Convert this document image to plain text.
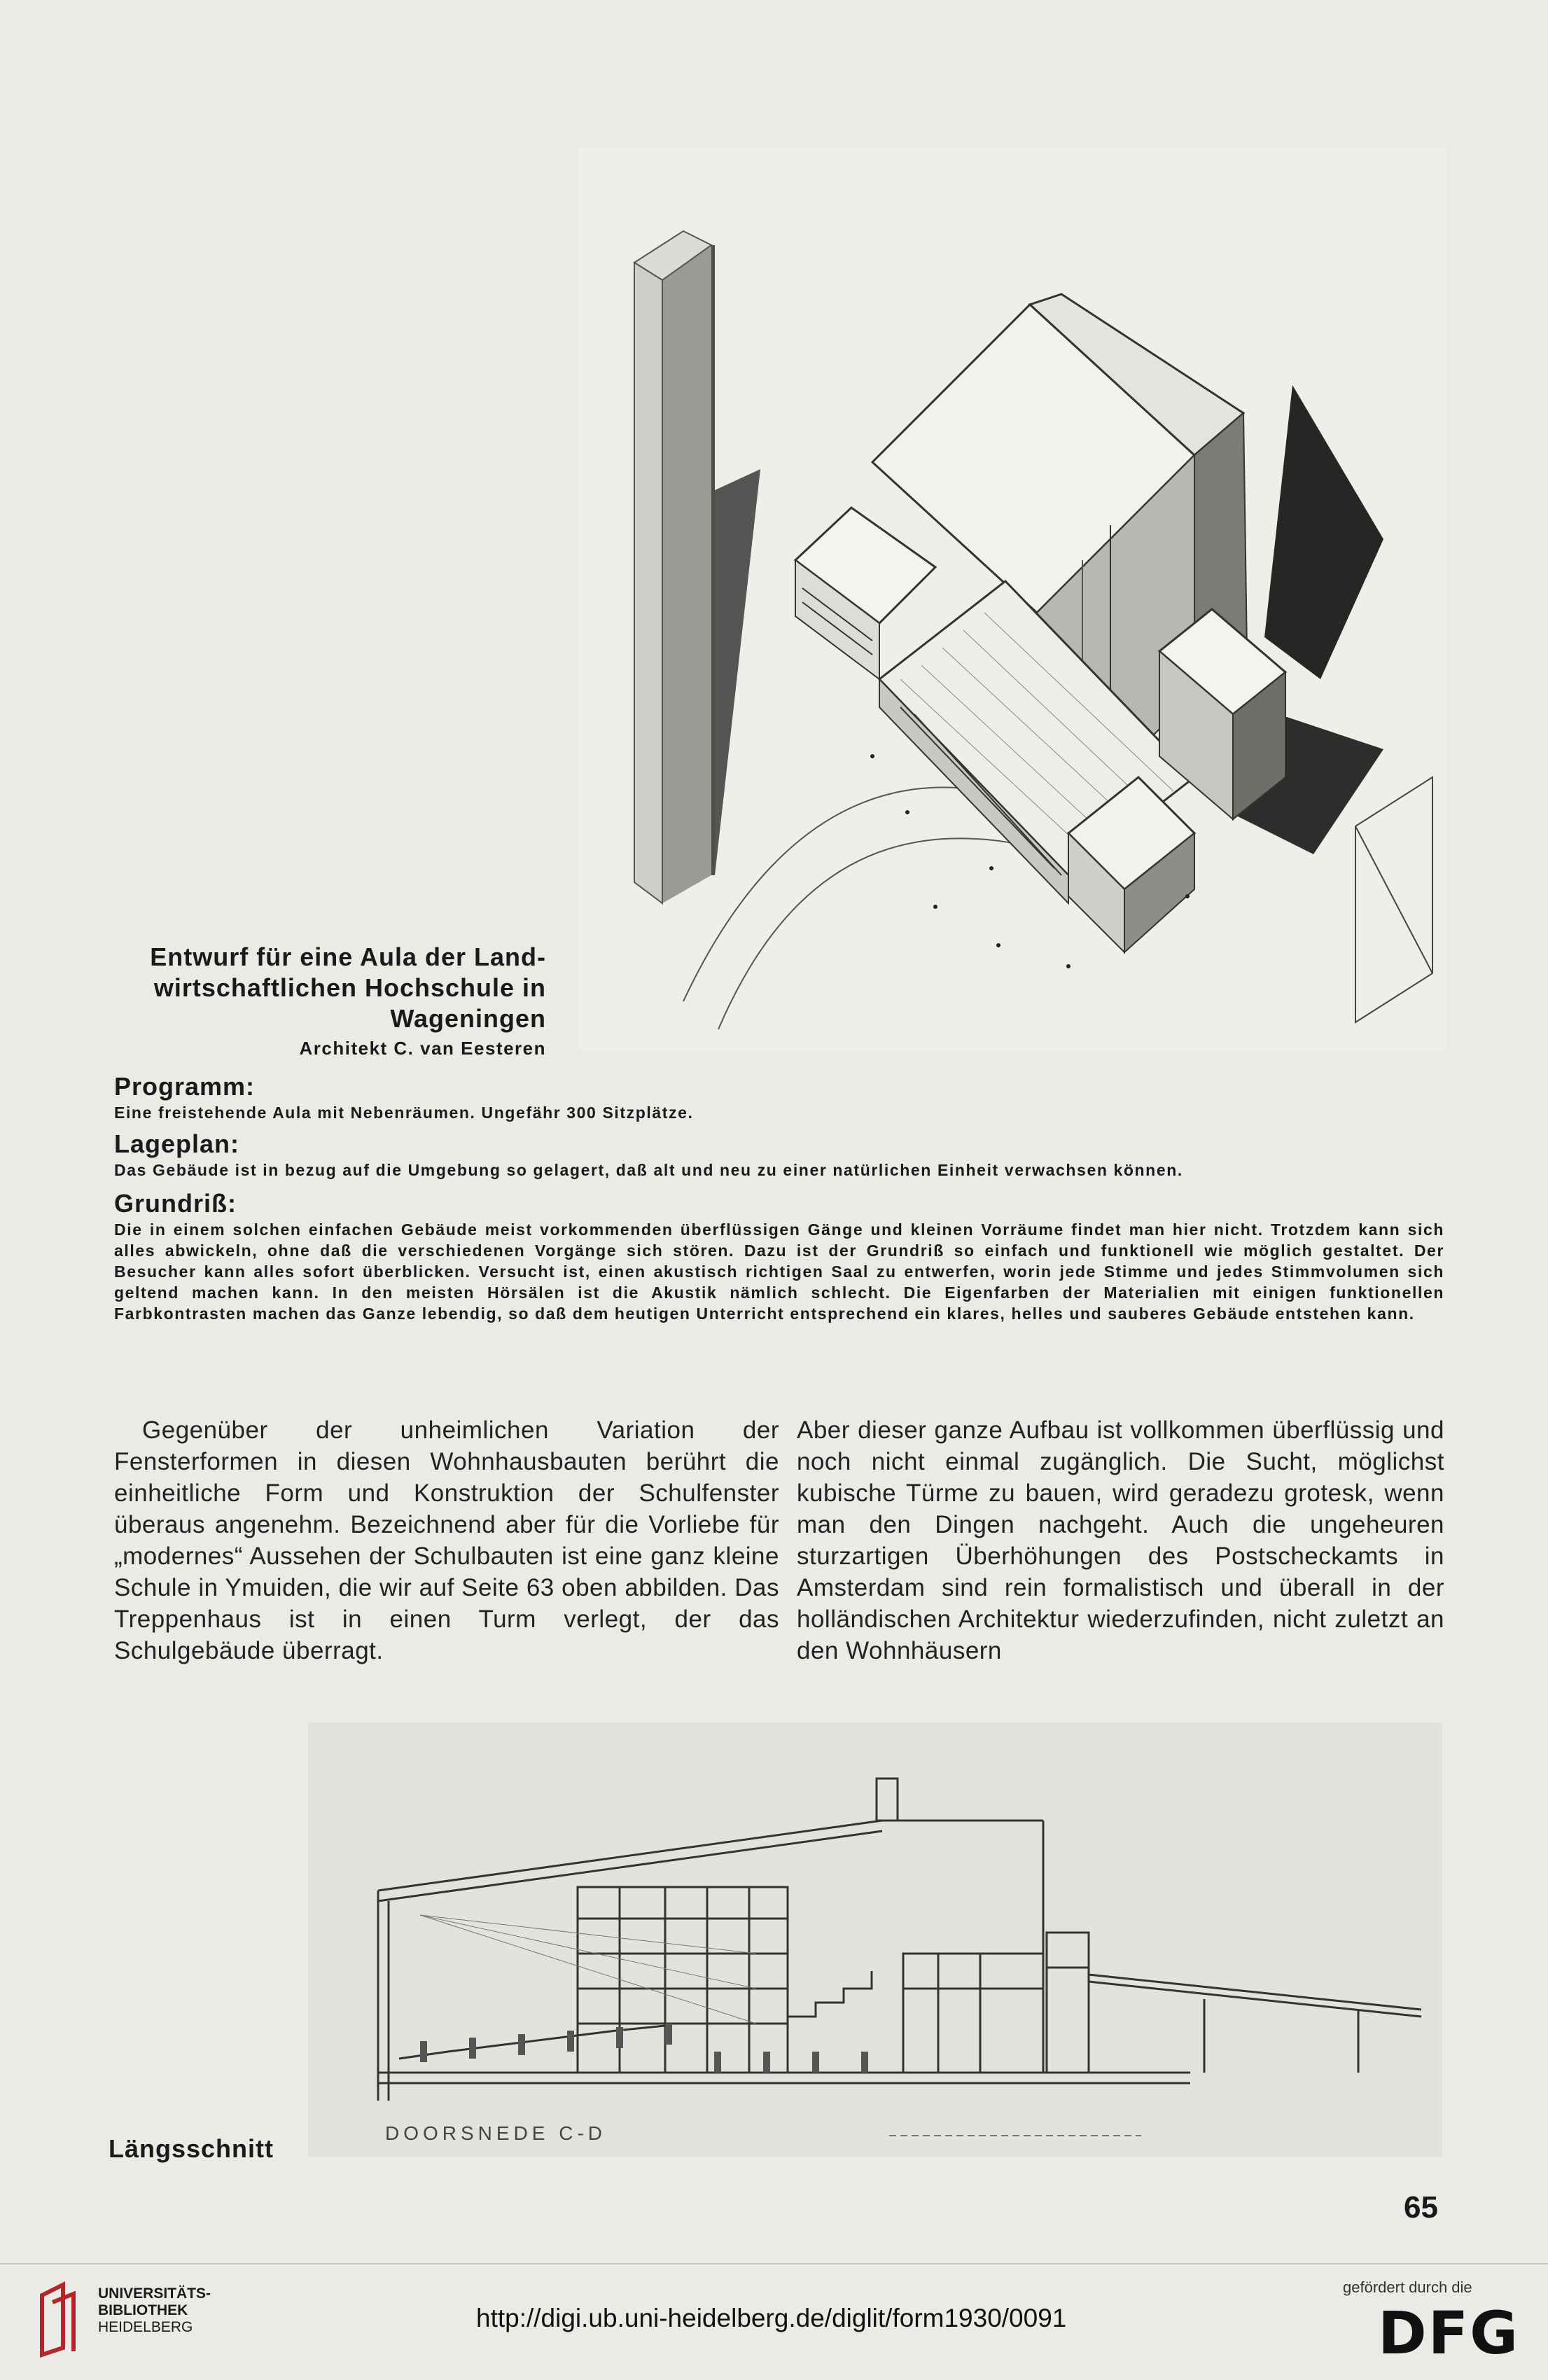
Entwurf für eine Aula der Land-
wirtschaftlichen Hochschule in
Wageningen
Architekt C. van Eesteren
Programm:

Eine freistehende Aula mit Nebenräumen. Ungefähr 300 Sitzplätze.

Lageplan:

Das Gebäude ist in bezug auf die Umgebung so gelagert, daß alt und neu zu einer natürlichen Einheit verwachsen können.

Grundriß:

Die in einem solchen einfachen Gebäude meist vorkommenden überflüssigen Gänge und kleinen Vorräume findet man hier nicht. Trotzdem kann sich alles abwickeln, ohne daß die verschiedenen Vorgänge sich stören. Dazu ist der Grundriß so einfach und funktionell wie möglich gestaltet. Der Besucher kann alles sofort überblicken. Versucht ist, einen akustisch richtigen Saal zu entwerfen, worin jede Stimme und jedes Stimmvolumen sich geltend machen kann. In den meisten Hörsälen ist die Akustik nämlich schlecht. Die Eigenfarben der Materialien mit einigen funktionellen Farbkontrasten machen das Ganze lebendig, so daß dem heutigen Unterricht entsprechend ein klares, helles und sauberes Gebäude entstehen kann.

Gegenüber der unheimlichen Variation der Fensterformen in diesen Wohnhausbauten berührt die einheitliche Form und Konstruktion der Schulfenster überaus angenehm. Bezeichnend aber für die Vorliebe für „modernes“ Aussehen der Schulbauten ist eine ganz kleine Schule in Ymuiden, die wir auf Seite 63 oben abbilden. Das Treppenhaus ist in einen Turm verlegt, der das Schulgebäude überragt.
Aber dieser ganze Aufbau ist vollkommen überflüssig und noch nicht einmal zugänglich. Die Sucht, möglichst kubische Türme zu bauen, wird geradezu grotesk, wenn man den Dingen nachgeht. Auch die ungeheuren sturzartigen Überhöhungen des Postscheckamts in Amsterdam sind rein formalistisch und überall in der holländischen Architektur wiederzufinden, nicht zuletzt an den Wohnhäusern
DOORSNEDE C-D
Längsschnitt
65
UNIVERSITÄTS-
BIBLIOTHEK
HEIDELBERG	http://digi.ub.uni-heidelberg.de/diglit/form1930/0091
gefördert durch die
DFG
